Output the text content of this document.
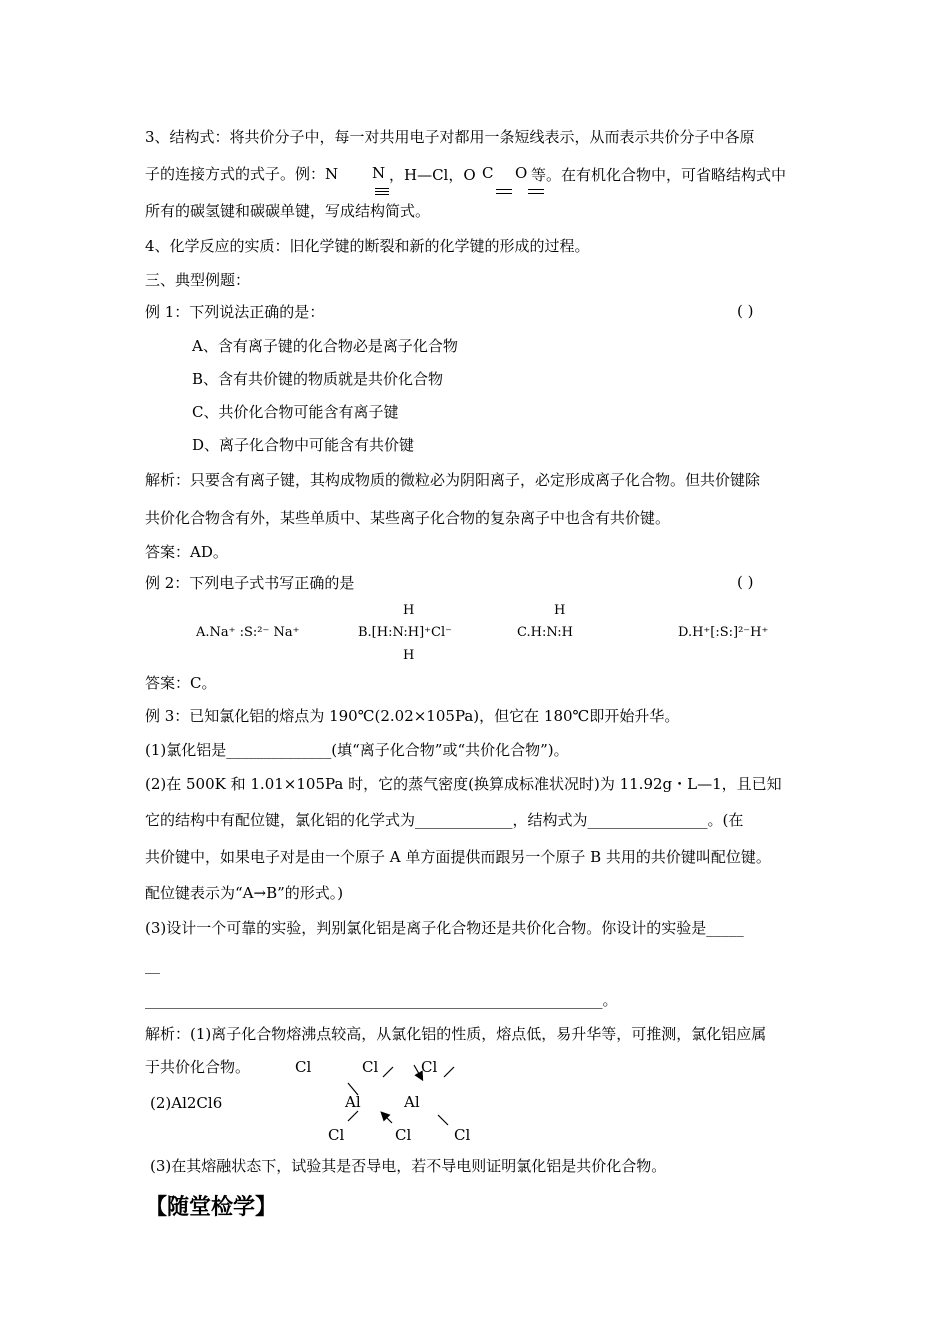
3、结构式：将共价分子中，每一对共用电子对都用一条短线表示，从而表示共价分子中各原
子的连接方式的式子。例：N N ，H—Cl，O C O 等。在有机化合物中，可省略结构式中
所有的碳氢键和碳碳单键，写成结构简式。
4、化学反应的实质：旧化学键的断裂和新的化学键的形成的过程。
三、典型例题：
例 1：下列说法正确的是：	( )
A、含有离子键的化合物必是离子化合物
B、含有共价键的物质就是共价化合物
C、共价化合物可能含有离子键
D、离子化合物中可能含有共价键
解析：只要含有离子键，其构成物质的微粒必为阴阳离子，必定形成离子化合物。但共价键除
共价化合物含有外，某些单质中、某些离子化合物的复杂离子中也含有共价键。
答案：AD。
例 2：下列电子式书写正确的是	( )
A.Na⁺ :S:²⁻ Na⁺
H
B.[H:N:H]⁺Cl⁻
H
H
C.H:N:H	D.H⁺[:S:]²⁻H⁺
答案：C。
例 3：已知氯化铝的熔点为 190℃(2.02×105Pa)，但它在 180℃即开始升华。
(1)氯化铝是______________(填“离子化合物”或“共价化合物”)。
(2)在 500K 和 1.01×105Pa 时，它的蒸气密度(换算成标准状况时)为 11.92g・L—1，且已知
它的结构中有配位键，氯化铝的化学式为_____________，结构式为________________。(在
共价键中，如果电子对是由一个原子 A 单方面提供而跟另一个原子 B 共用的共价键叫配位键。
配位键表示为“A→B”的形式。)
(3)设计一个可靠的实验，判别氯化铝是离子化合物还是共价化合物。你设计的实验是_____
__
_____________________________________________________________。
解析：(1)离子化合物熔沸点较高，从氯化铝的性质，熔点低，易升华等，可推测，氯化铝应属
于共价化合物。
(2)Al2Cl6
Cl	Cl	Cl
Al	Al
Cl	Cl	Cl
(3)在其熔融状态下，试验其是否导电，若不导电则证明氯化铝是共价化合物。
【随堂检学】
